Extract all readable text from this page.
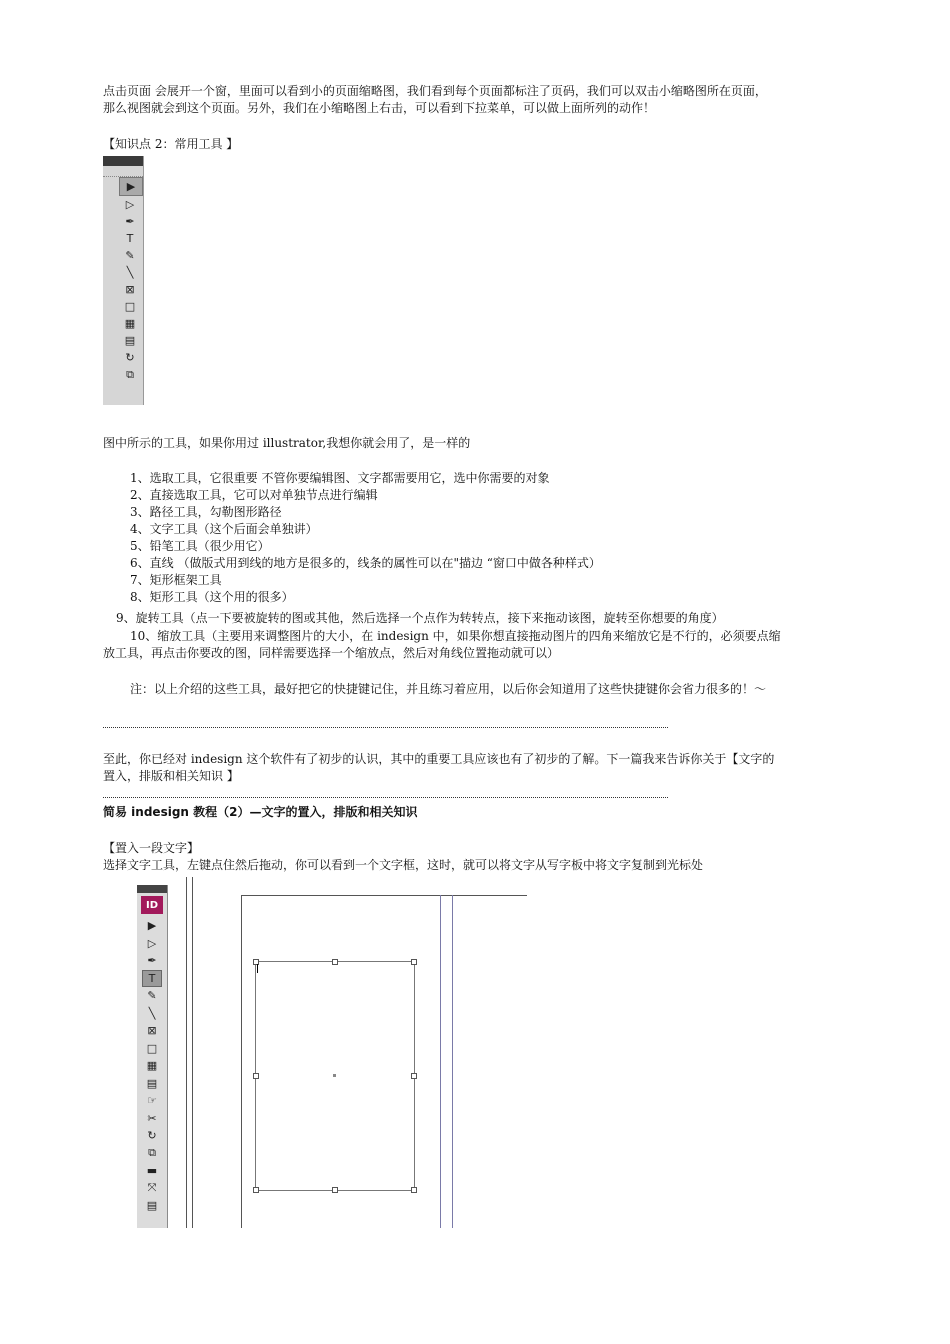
点击页面 会展开一个窗，里面可以看到小的页面缩略图，我们看到每个页面都标注了页码，我们可以双击小缩略图所在页面，
那么视图就会到这个页面。另外，我们在小缩略图上右击，可以看到下拉菜单，可以做上面所列的动作！
【知识点 2：常用工具 】
▶
▷
✒
T
✎
╲
⊠
□
▦
▤
↻
⧉
图中所示的工具，如果你用过 illustrator,我想你就会用了，是一样的
1、选取工具，它很重要 不管你要编辑图、文字都需要用它，选中你需要的对象
2、直接选取工具，它可以对单独节点进行编辑
3、路径工具，勾勒图形路径
4、文字工具（这个后面会单独讲）
5、铅笔工具（很少用它）
6、直线 （做版式用到线的地方是很多的，线条的属性可以在"描边 “窗口中做各种样式）
7、矩形框架工具
8、矩形工具（这个用的很多）
9、旋转工具（点一下要被旋转的图或其他，然后选择一个点作为转转点，接下来拖动该图，旋转至你想要的角度）
10、缩放工具（主要用来调整图片的大小，在 indesign 中，如果你想直接拖动图片的四角来缩放它是不行的，必须要点缩
放工具，再点击你要改的图，同样需要选择一个缩放点，然后对角线位置拖动就可以）
注：以上介绍的这些工具，最好把它的快捷键记住，并且练习着应用，以后你会知道用了这些快捷键你会省力很多的！～
至此，你已经对 indesign 这个软件有了初步的认识，其中的重要工具应该也有了初步的了解。下一篇我来告诉你关于【文字的
置入，排版和相关知识 】
简易 indesign 教程（2）—文字的置入，排版和相关知识
【置入一段文字】
选择文字工具，左键点住然后拖动，你可以看到一个文字框，这时，就可以将文字从写字板中将文字复制到光标处
ID
▶
▷
✒
T
✎
╲
⊠
□
▦
▤
☞
✂
↻
⧉
▬
⤧
▤
